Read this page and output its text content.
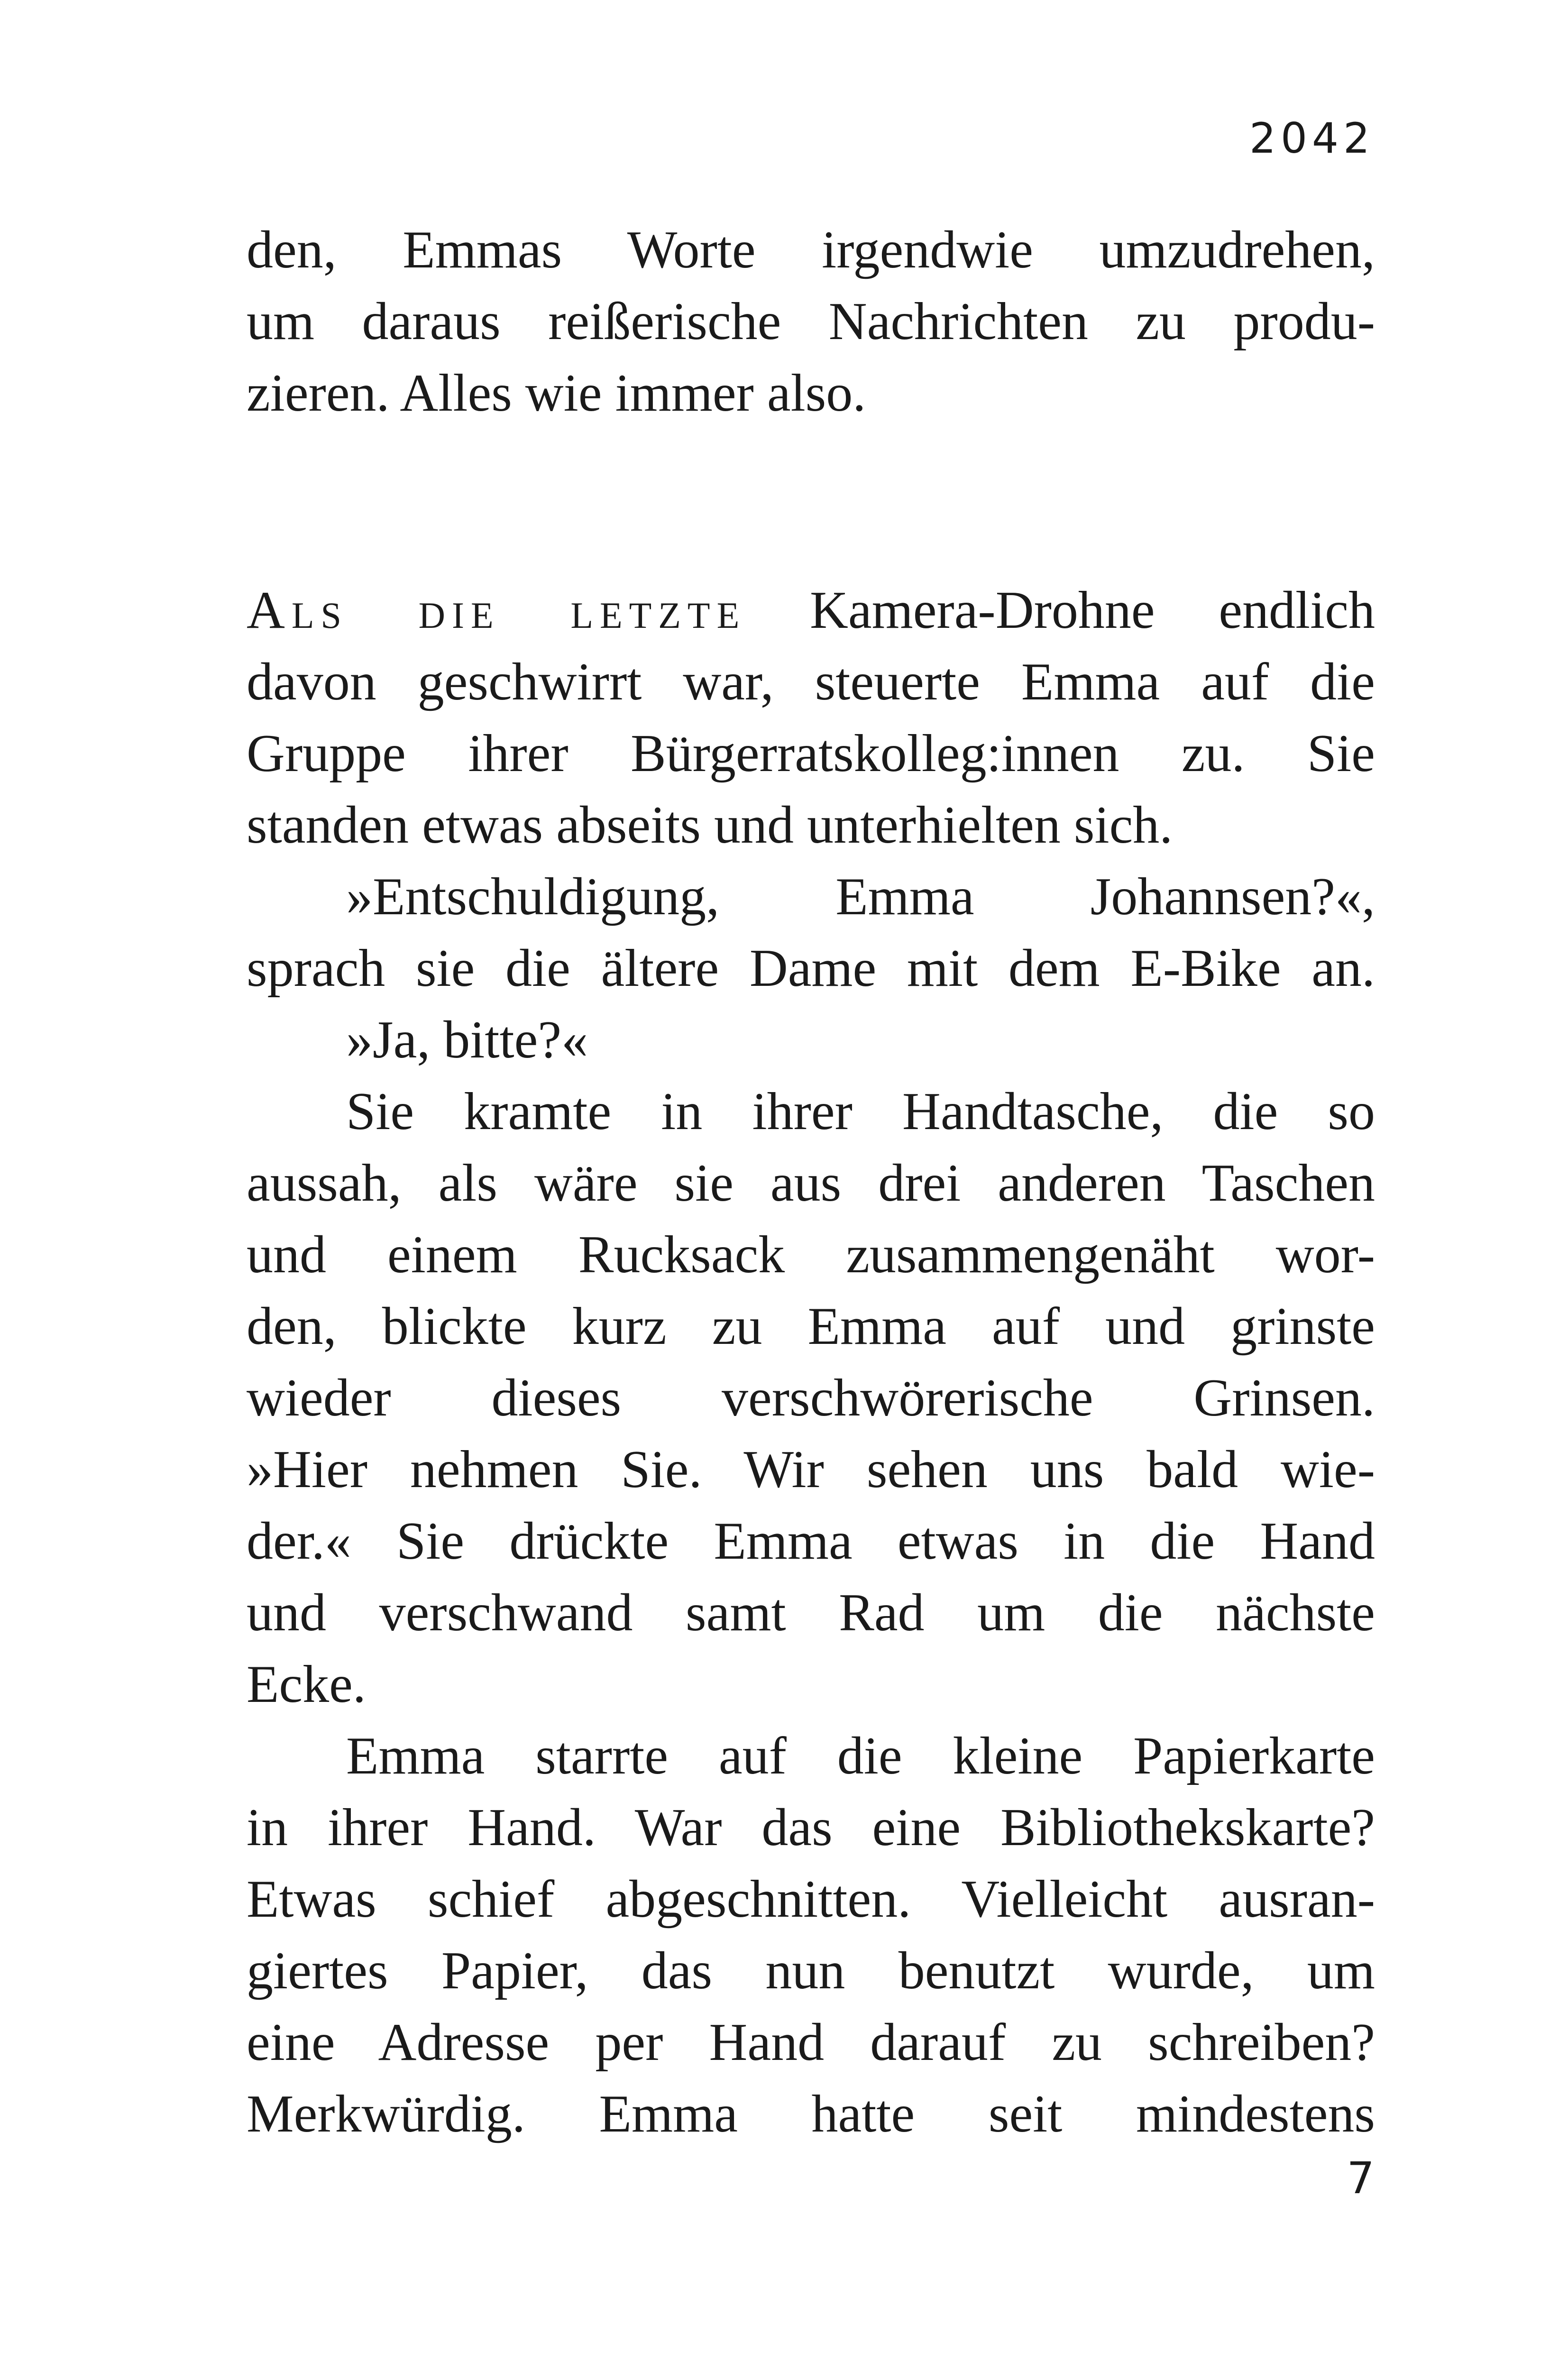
2042
den, Emmas Worte irgendwie umzudrehen,
um daraus reißerische Nachrichten zu produ-
zieren. Alles wie immer also.
Als die letzte Kamera-Drohne endlich
davon geschwirrt war, steuerte Emma auf die
Gruppe ihrer Bürgerratskolleg:innen zu. Sie
standen etwas abseits und unterhielten sich.
»Entschuldigung, Emma Johannsen?«,
sprach sie die ältere Dame mit dem E-Bike an.
»Ja, bitte?«
Sie kramte in ihrer Handtasche, die so
aussah, als wäre sie aus drei anderen Taschen
und einem Rucksack zusammengenäht wor-
den, blickte kurz zu Emma auf und grinste
wieder dieses verschwörerische Grinsen.
»Hier nehmen Sie. Wir sehen uns bald wie-
der.« Sie drückte Emma etwas in die Hand
und verschwand samt Rad um die nächste
Ecke.
Emma starrte auf die kleine Papierkarte
in ihrer Hand. War das eine Bibliothekskarte?
Etwas schief abgeschnitten. Vielleicht ausran-
giertes Papier, das nun benutzt wurde, um
eine Adresse per Hand darauf zu schreiben?
Merkwürdig. Emma hatte seit mindestens
7
